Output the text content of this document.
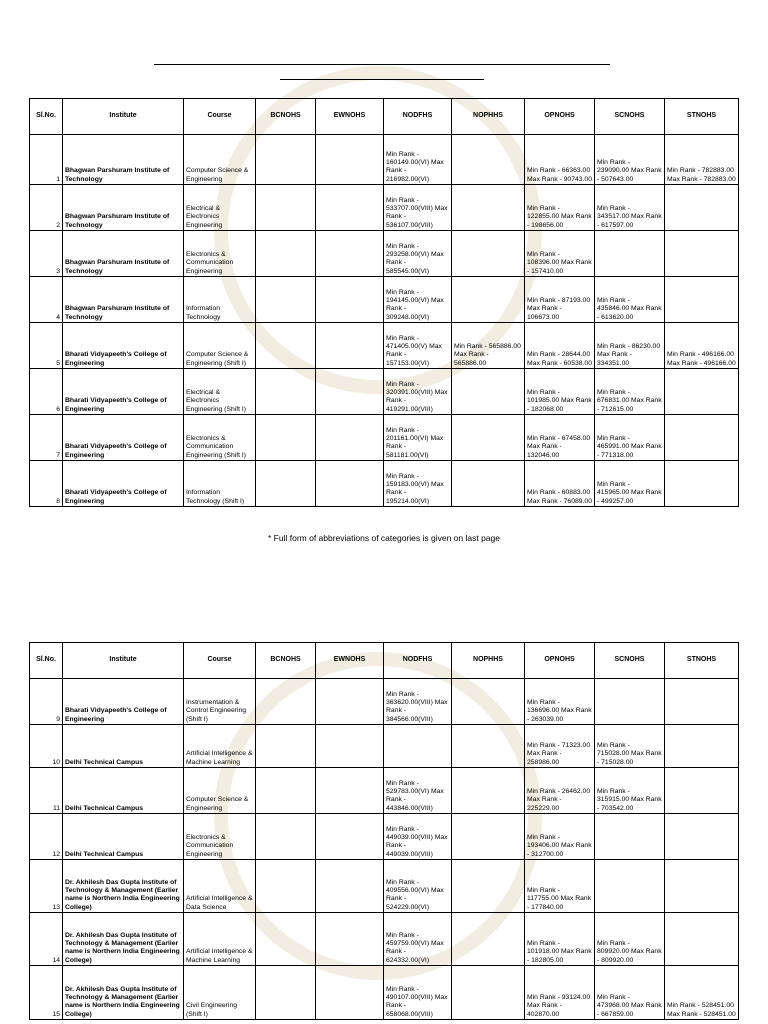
Sl.No.	Institute	Course	BCNOHS	EWNOHS	NODFHS	NOPHHS	OPNOHS	SCNOHS	STNOHS
1	Bhagwan Parshuram Institute of Technology	Computer Science & Engineering			Min Rank - 160149.00(VI) Max Rank - 216982.00(VI)		Min Rank - 66363.00 Max Rank - 90743.00	Min Rank - 239090.00 Max Rank - 507643.00	Min Rank - 782883.00 Max Rank - 782883.00
2	Bhagwan Parshuram Institute of Technology	Electrical & Electronics Engineering			Min Rank - 533707.00(VIII) Max Rank - 536107.00(VIII)		Min Rank - 122855.00 Max Rank - 198656.00	Min Rank - 343517.00 Max Rank - 617597.00	
3	Bhagwan Parshuram Institute of Technology	Electronics & Communication Engineering			Min Rank - 293258.00(VI) Max Rank - 585545.00(VI)		Min Rank - 108396.00 Max Rank - 157410.00		
4	Bhagwan Parshuram Institute of Technology	Information Technology			Min Rank - 194145.00(VI) Max Rank - 309248.00(VI)		Min Rank - 87193.00 Max Rank - 106673.00	Min Rank - 435846.00 Max Rank - 613620.00	
5	Bharati Vidyapeeth's College of Engineering	Computer Science & Engineering (Shift I)			Min Rank - 471405.00(V) Max Rank - 157153.00(VI)	Min Rank - 565886.00 Max Rank - 565886.00	Min Rank - 28644.00 Max Rank - 60538.00	Min Rank - 86230.00 Max Rank - 334351.00	Min Rank - 496166.00 Max Rank - 496166.00
6	Bharati Vidyapeeth's College of Engineering	Electrical & Electronics Engineering (Shift I)			Min Rank - 320391.00(VIII) Max Rank - 419291.00(VIII)		Min Rank - 101985.00 Max Rank - 182068.00	Min Rank - 676831.00 Max Rank - 712615.00	
7	Bharati Vidyapeeth's College of Engineering	Electronics & Communication Engineering (Shift I)			Min Rank - 201161.00(VI) Max Rank - 581181.00(VI)		Min Rank - 67458.00 Max Rank - 132046.00	Min Rank - 465991.00 Max Rank - 771318.00	
8	Bharati Vidyapeeth's College of Engineering	Information Technology (Shift I)			Min Rank - 159183.00(VI) Max Rank - 195214.00(VI)		Min Rank - 60883.00 Max Rank - 76089.00	Min Rank - 415965.00 Max Rank - 499257.00	
* Full form of abbreviations of categories is given on last page
Sl.No.	Institute	Course	BCNOHS	EWNOHS	NODFHS	NOPHHS	OPNOHS	SCNOHS	STNOHS
9	Bharati Vidyapeeth's College of Engineering	Instrumentation & Control Engineering (Shift I)			Min Rank - 363620.00(VIII) Max Rank - 384566.00(VIII)		Min Rank - 136696.00 Max Rank - 263039.00		
10	Delhi Technical Campus	Artificial Intelligence & Machine Learning					Min Rank - 71323.00 Max Rank - 258986.00	Min Rank - 715028.00 Max Rank - 715028.00	
11	Delhi Technical Campus	Computer Science & Engineering			Min Rank - 529783.00(VI) Max Rank - 443846.00(VIII)		Min Rank - 26462.00 Max Rank - 225229.00	Min Rank - 315915.00 Max Rank - 703542.00	
12	Delhi Technical Campus	Electronics & Communication Engineering			Min Rank - 449039.00(VIII) Max Rank - 449039.00(VIII)		Min Rank - 193406.00 Max Rank - 312700.00		
13	Dr. Akhilesh Das Gupta Institute of Technology & Management (Earlier name is Northern India Engineering College)	Artificial Intelligence & Data Science			Min Rank - 409556.00(VI) Max Rank - 524229.00(VI)		Min Rank - 117755.00 Max Rank - 177840.00		
14	Dr. Akhilesh Das Gupta Institute of Technology & Management (Earlier name is Northern India Engineering College)	Artificial Intelligence & Machine Learning			Min Rank - 459759.00(VI) Max Rank - 624332.00(VI)		Min Rank - 101918.00 Max Rank - 182805.00	Min Rank - 809920.00 Max Rank - 809920.00	
15	Dr. Akhilesh Das Gupta Institute of Technology & Management (Earlier name is Northern India Engineering College)	Civil Engineering (Shift I)			Min Rank - 490107.00(VIII) Max Rank - 658068.00(VIII)		Min Rank - 93124.00 Max Rank - 402870.00	Min Rank - 473968.00 Max Rank - 667859.00	Min Rank - 528451.00 Max Rank - 528451.00
